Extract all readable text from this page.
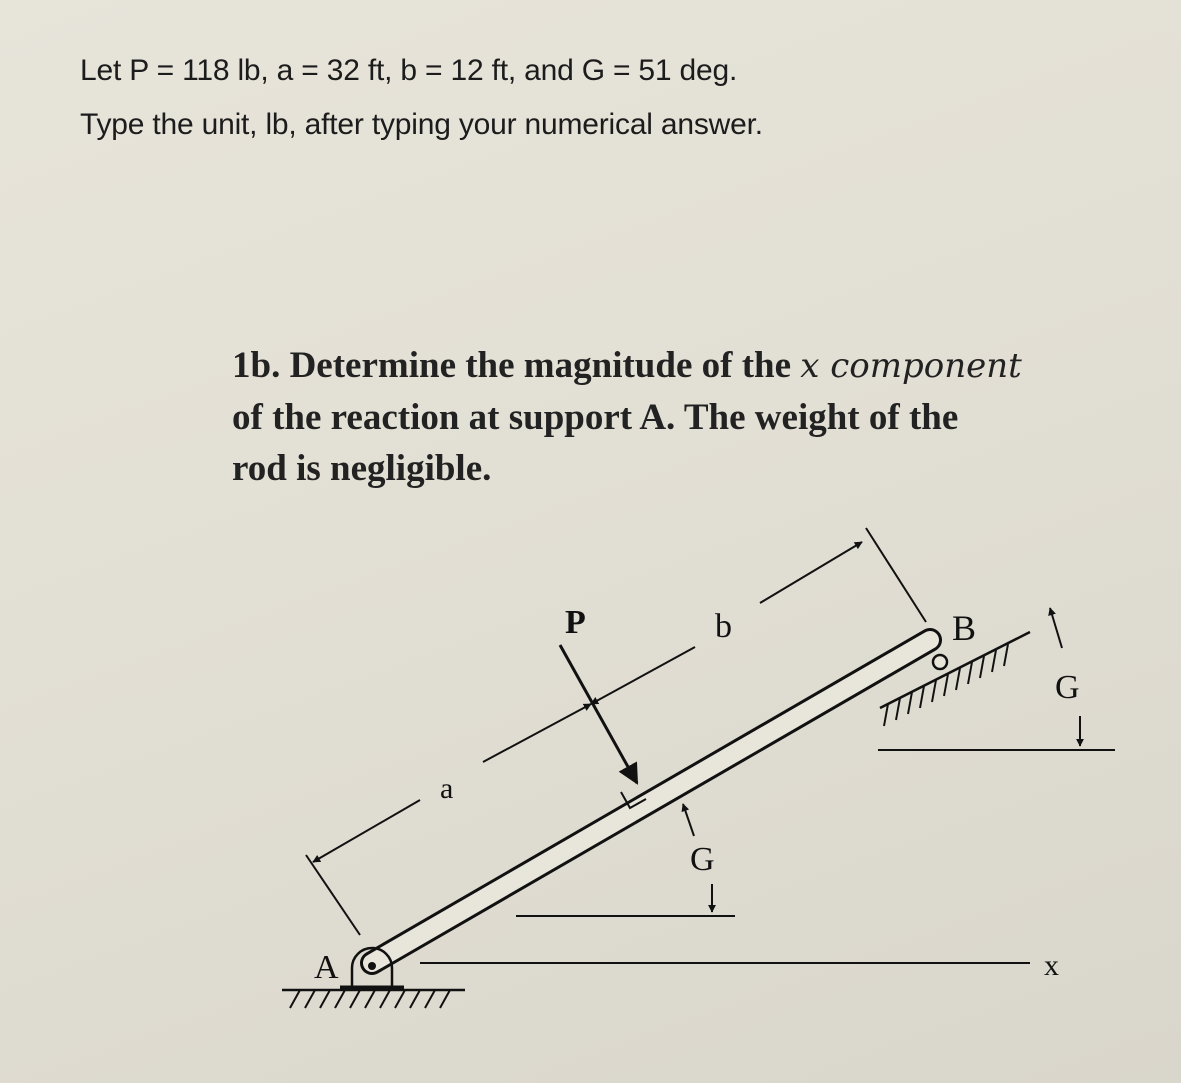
Let P = 118 lb, a = 32 ft, b = 12 ft, and G = 51 deg.
Type the unit, lb, after typing your numerical answer.
1b. Determine the magnitude of the x component
of the reaction at support A. The weight of the
rod is negligible.
P	b
a
G
G
B
A	x
